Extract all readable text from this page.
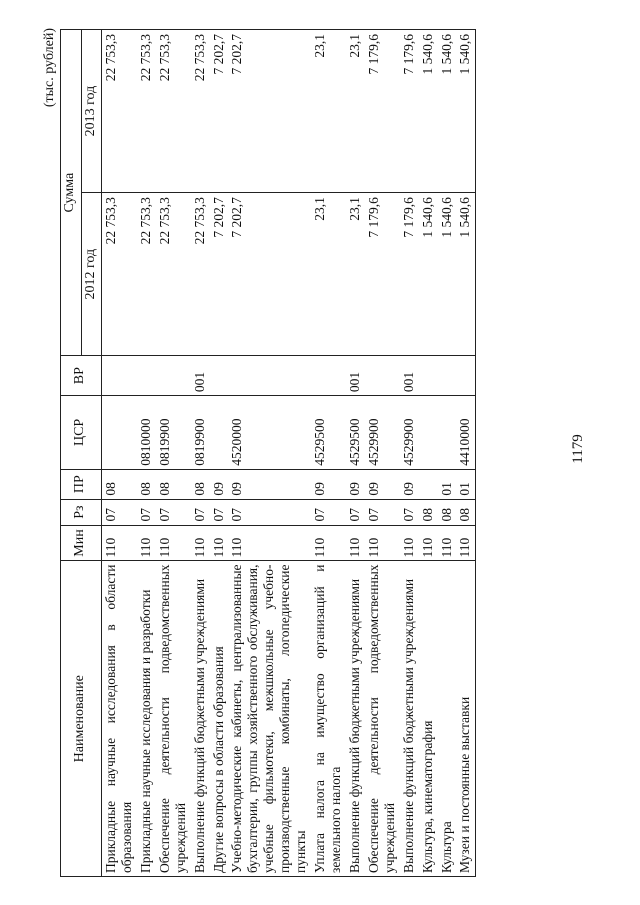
1179
(тыс. рублей)
Наименование	Мин	Рз	ПР	ЦСР	ВР	Сумма	
						2012 год	2013 год
Прикладные научные исследования в области образования	110	07	08			22 753,3	22 753,3
Прикладные научные исследования и разработки	110	07	08	0810000		22 753,3	22 753,3
Обеспечение деятельности подведомственных учреждений	110	07	08	0819900		22 753,3	22 753,3
Выполнение функций бюджетными учреждениями	110	07	08	0819900	001	22 753,3	22 753,3
Другие вопросы в области образования	110	07	09			7 202,7	7 202,7
Учебно-методические кабинеты, централизованные бухгалтерии, группы хозяйственного обслуживания, учебные фильмотеки, межшкольные учебно-производственные комбинаты, логопедические пункты	110	07	09	4520000		7 202,7	7 202,7
Уплата налога на имущество организаций и земельного налога	110	07	09	4529500		23,1	23,1
Выполнение функций бюджетными учреждениями	110	07	09	4529500	001	23,1	23,1
Обеспечение деятельности подведомственных учреждений	110	07	09	4529900		7 179,6	7 179,6
Выполнение функций бюджетными учреждениями	110	07	09	4529900	001	7 179,6	7 179,6
Культура, кинематография	110	08				1 540,6	1 540,6
Культура	110	08	01			1 540,6	1 540,6
Музеи и постоянные выставки	110	08	01	4410000		1 540,6	1 540,6
